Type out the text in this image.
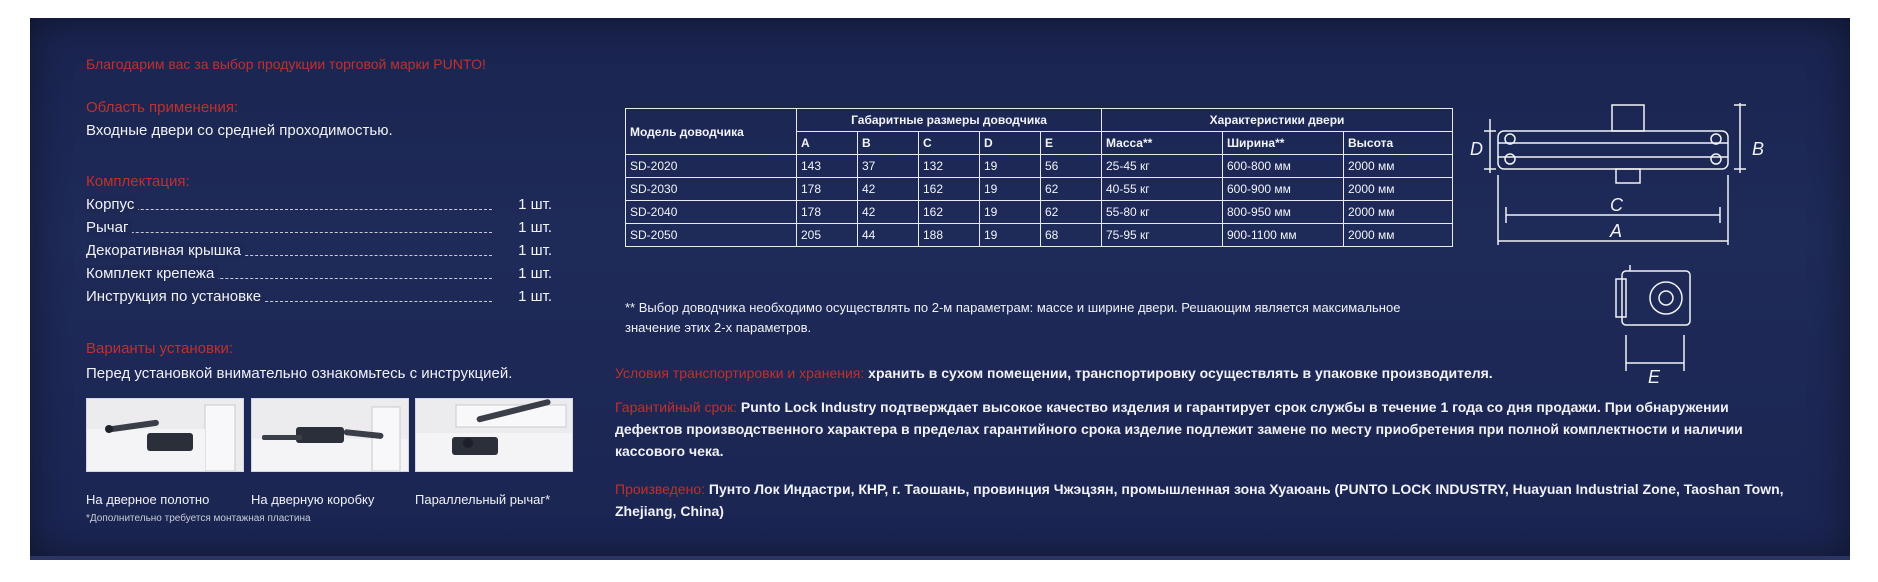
Благодарим вас за выбор продукции торговой марки PUNTO!
Область применения:
Входные двери со средней проходимостью.
Комплектация:
Корпус	1 шт.
Рычаг	1 шт.
Декоративная крышка	1 шт.
Комплект крепежа	1 шт.
Инструкция по установке	1 шт.
Варианты установки:
Перед установкой внимательно ознакомьтесь с инструкцией.
На дверное полотно	На дверную коробку	Параллельный рычаг*
*Дополнительно требуется монтажная пластина
Модель доводчика	Габаритные размеры доводчика					Характеристики двери		
	A	B	C	D	E	Масса**	Ширина**	Высота
SD-2020	143	37	132	19	56	25-45 кг	600-800 мм	2000 мм
SD-2030	178	42	162	19	62	40-55 кг	600-900 мм	2000 мм
SD-2040	178	42	162	19	62	55-80 кг	800-950 мм	2000 мм
SD-2050	205	44	188	19	68	75-95 кг	900-1100 мм	2000 мм
** Выбор доводчика необходимо осуществлять по 2-м параметрам: массе и ширине двери. Решающим является максимальное значение этих 2-х параметров.
Условия транспортировки и хранения: хранить в сухом помещении, транспортировку осуществлять в упаковке производителя.
Гарантийный срок: Punto Lock Industry подтверждает высокое качество изделия и гарантирует срок службы в течение 1 года со дня продажи. При обнаружении дефектов производственного характера в пределах гарантийного срока изделие подлежит замене по месту приобретения при полной комплектности и наличии кассового чека.
Произведено: Пунто Лок Индастри, КНР, г. Таошань, провинция Чжэцзян, промышленная зона Хуаюань (PUNTO LOCK INDUSTRY, Huayuan Industrial Zone, Taoshan Town, Zhejiang, China)
D	B
C
A
E
